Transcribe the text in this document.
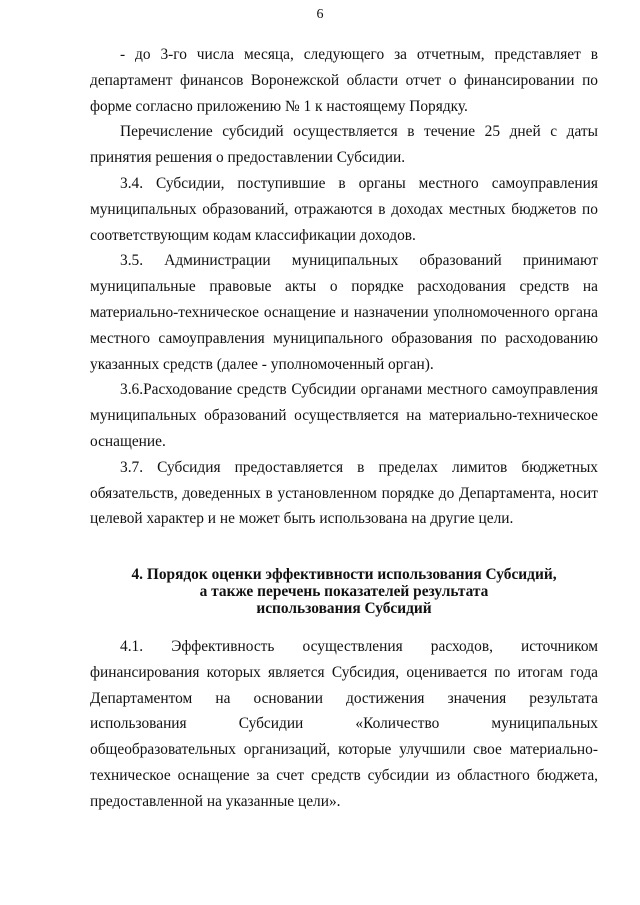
6

- до 3-го числа месяца, следующего за отчетным, представляет в департамент финансов Воронежской области отчет о финансировании по форме согласно приложению № 1 к настоящему Порядку.

Перечисление субсидий осуществляется в течение 25 дней с даты принятия решения о предоставлении Субсидии.

3.4. Субсидии, поступившие в органы местного самоуправления муниципальных образований, отражаются в доходах местных бюджетов по соответствующим кодам классификации доходов.

3.5. Администрации муниципальных образований принимают муниципальные правовые акты о порядке расходования средств на материально-техническое оснащение и назначении уполномоченного органа местного самоуправления муниципального образования по расходованию указанных средств (далее - уполномоченный орган).

3.6.Расходование средств Субсидии органами местного самоуправления муниципальных образований осуществляется на материально-техническое оснащение.

3.7. Субсидия предоставляется в пределах лимитов бюджетных обязательств, доведенных в установленном порядке до Департамента, носит целевой характер и не может быть использована на другие цели.

4. Порядок оценки эффективности использования Субсидий,
а также перечень показателей результата
использования Субсидий

4.1. Эффективность осуществления расходов, источником финансирования которых является Субсидия, оценивается по итогам года Департаментом на основании достижения значения результата использования Субсидии «Количество муниципальных общеобразовательных организаций, которые улучшили свое материально-техническое оснащение за счет средств субсидии из областного бюджета, предоставленной на указанные цели».
